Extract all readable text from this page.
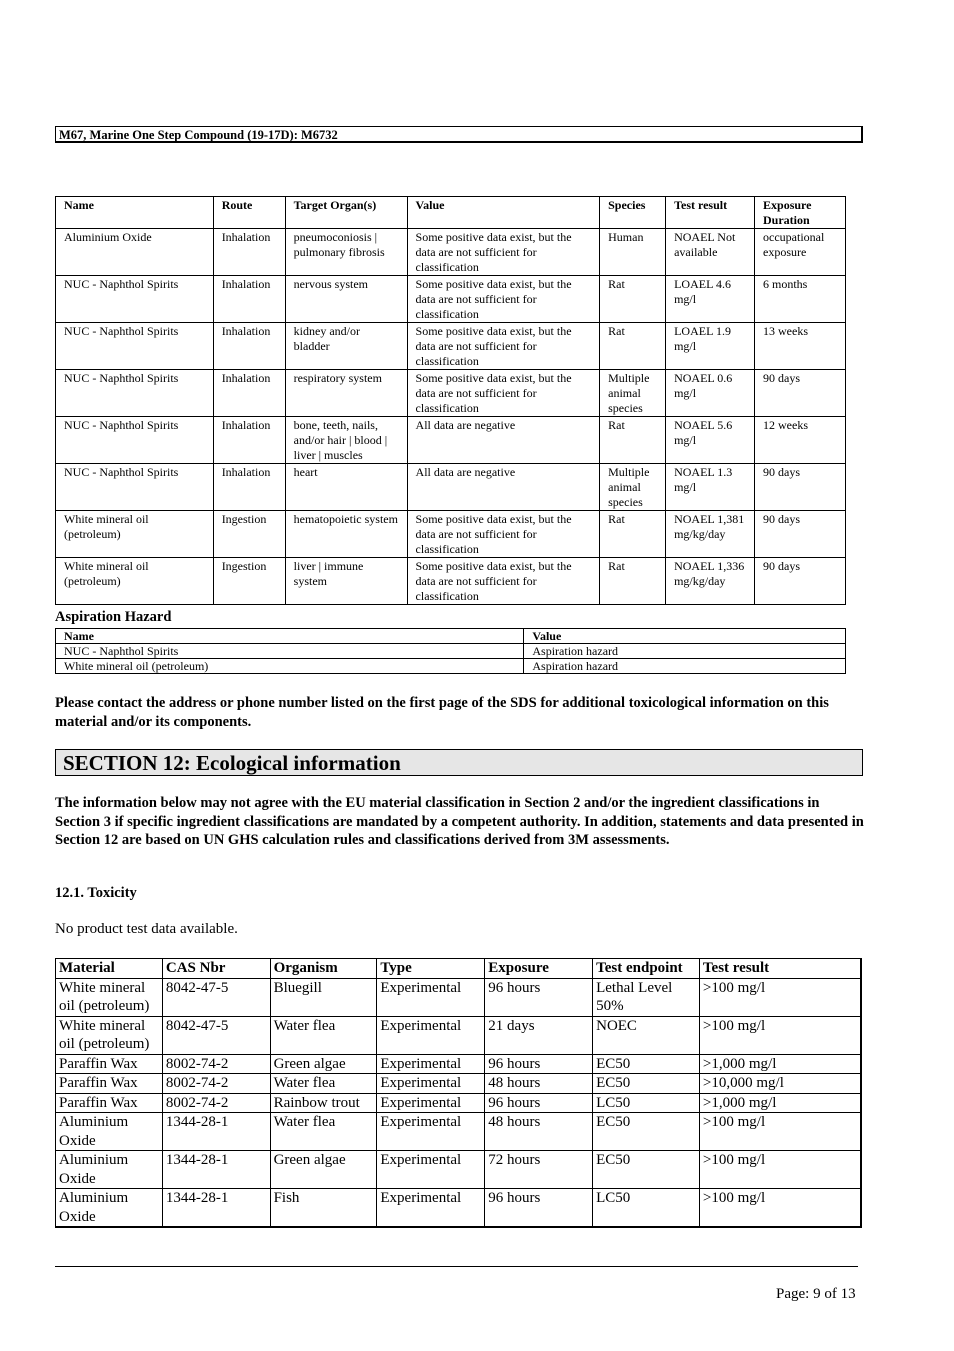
M67, Marine One Step Compound (19-17D): M6732
Name	Route	Target Organ(s)	Value	Species	Test result	Exposure Duration
Aluminium Oxide	Inhalation	pneumoconiosis | pulmonary fibrosis	Some positive data exist, but the data are not sufficient for classification	Human	NOAEL Not available	occupational exposure
NUC - Naphthol Spirits	Inhalation	nervous system	Some positive data exist, but the data are not sufficient for classification	Rat	LOAEL 4.6 mg/l	6 months
NUC - Naphthol Spirits	Inhalation	kidney and/or bladder	Some positive data exist, but the data are not sufficient for classification	Rat	LOAEL 1.9 mg/l	13 weeks
NUC - Naphthol Spirits	Inhalation	respiratory system	Some positive data exist, but the data are not sufficient for classification	Multiple animal species	NOAEL 0.6 mg/l	90 days
NUC - Naphthol Spirits	Inhalation	bone, teeth, nails, and/or hair | blood | liver | muscles	All data are negative	Rat	NOAEL 5.6 mg/l	12 weeks
NUC - Naphthol Spirits	Inhalation	heart	All data are negative	Multiple animal species	NOAEL 1.3 mg/l	90 days
White mineral oil (petroleum)	Ingestion	hematopoietic system	Some positive data exist, but the data are not sufficient for classification	Rat	NOAEL 1,381 mg/kg/day	90 days
White mineral oil (petroleum)	Ingestion	liver | immune system	Some positive data exist, but the data are not sufficient for classification	Rat	NOAEL 1,336 mg/kg/day	90 days
Aspiration Hazard
Name	Value
NUC - Naphthol Spirits	Aspiration hazard
White mineral oil (petroleum)	Aspiration hazard
Please contact the address or phone number listed on the first page of the SDS for additional toxicological information on this material and/or its components.
SECTION 12: Ecological information
The information below may not agree with the EU material classification in Section 2 and/or the ingredient classifications in Section 3 if specific ingredient classifications are mandated by a competent authority. In addition, statements and data presented in Section 12 are based on UN GHS calculation rules and classifications derived from 3M assessments.
12.1. Toxicity
No product test data available.
Material	CAS Nbr	Organism	Type	Exposure	Test endpoint	Test result
White mineral oil (petroleum)	8042-47-5	Bluegill	Experimental	96 hours	Lethal Level 50%	>100 mg/l
White mineral oil (petroleum)	8042-47-5	Water flea	Experimental	21 days	NOEC	>100 mg/l
Paraffin Wax	8002-74-2	Green algae	Experimental	96 hours	EC50	>1,000 mg/l
Paraffin Wax	8002-74-2	Water flea	Experimental	48 hours	EC50	>10,000 mg/l
Paraffin Wax	8002-74-2	Rainbow trout	Experimental	96 hours	LC50	>1,000 mg/l
Aluminium Oxide	1344-28-1	Water flea	Experimental	48 hours	EC50	>100 mg/l
Aluminium Oxide	1344-28-1	Green algae	Experimental	72 hours	EC50	>100 mg/l
Aluminium Oxide	1344-28-1	Fish	Experimental	96 hours	LC50	>100 mg/l
Page: 9 of 13
